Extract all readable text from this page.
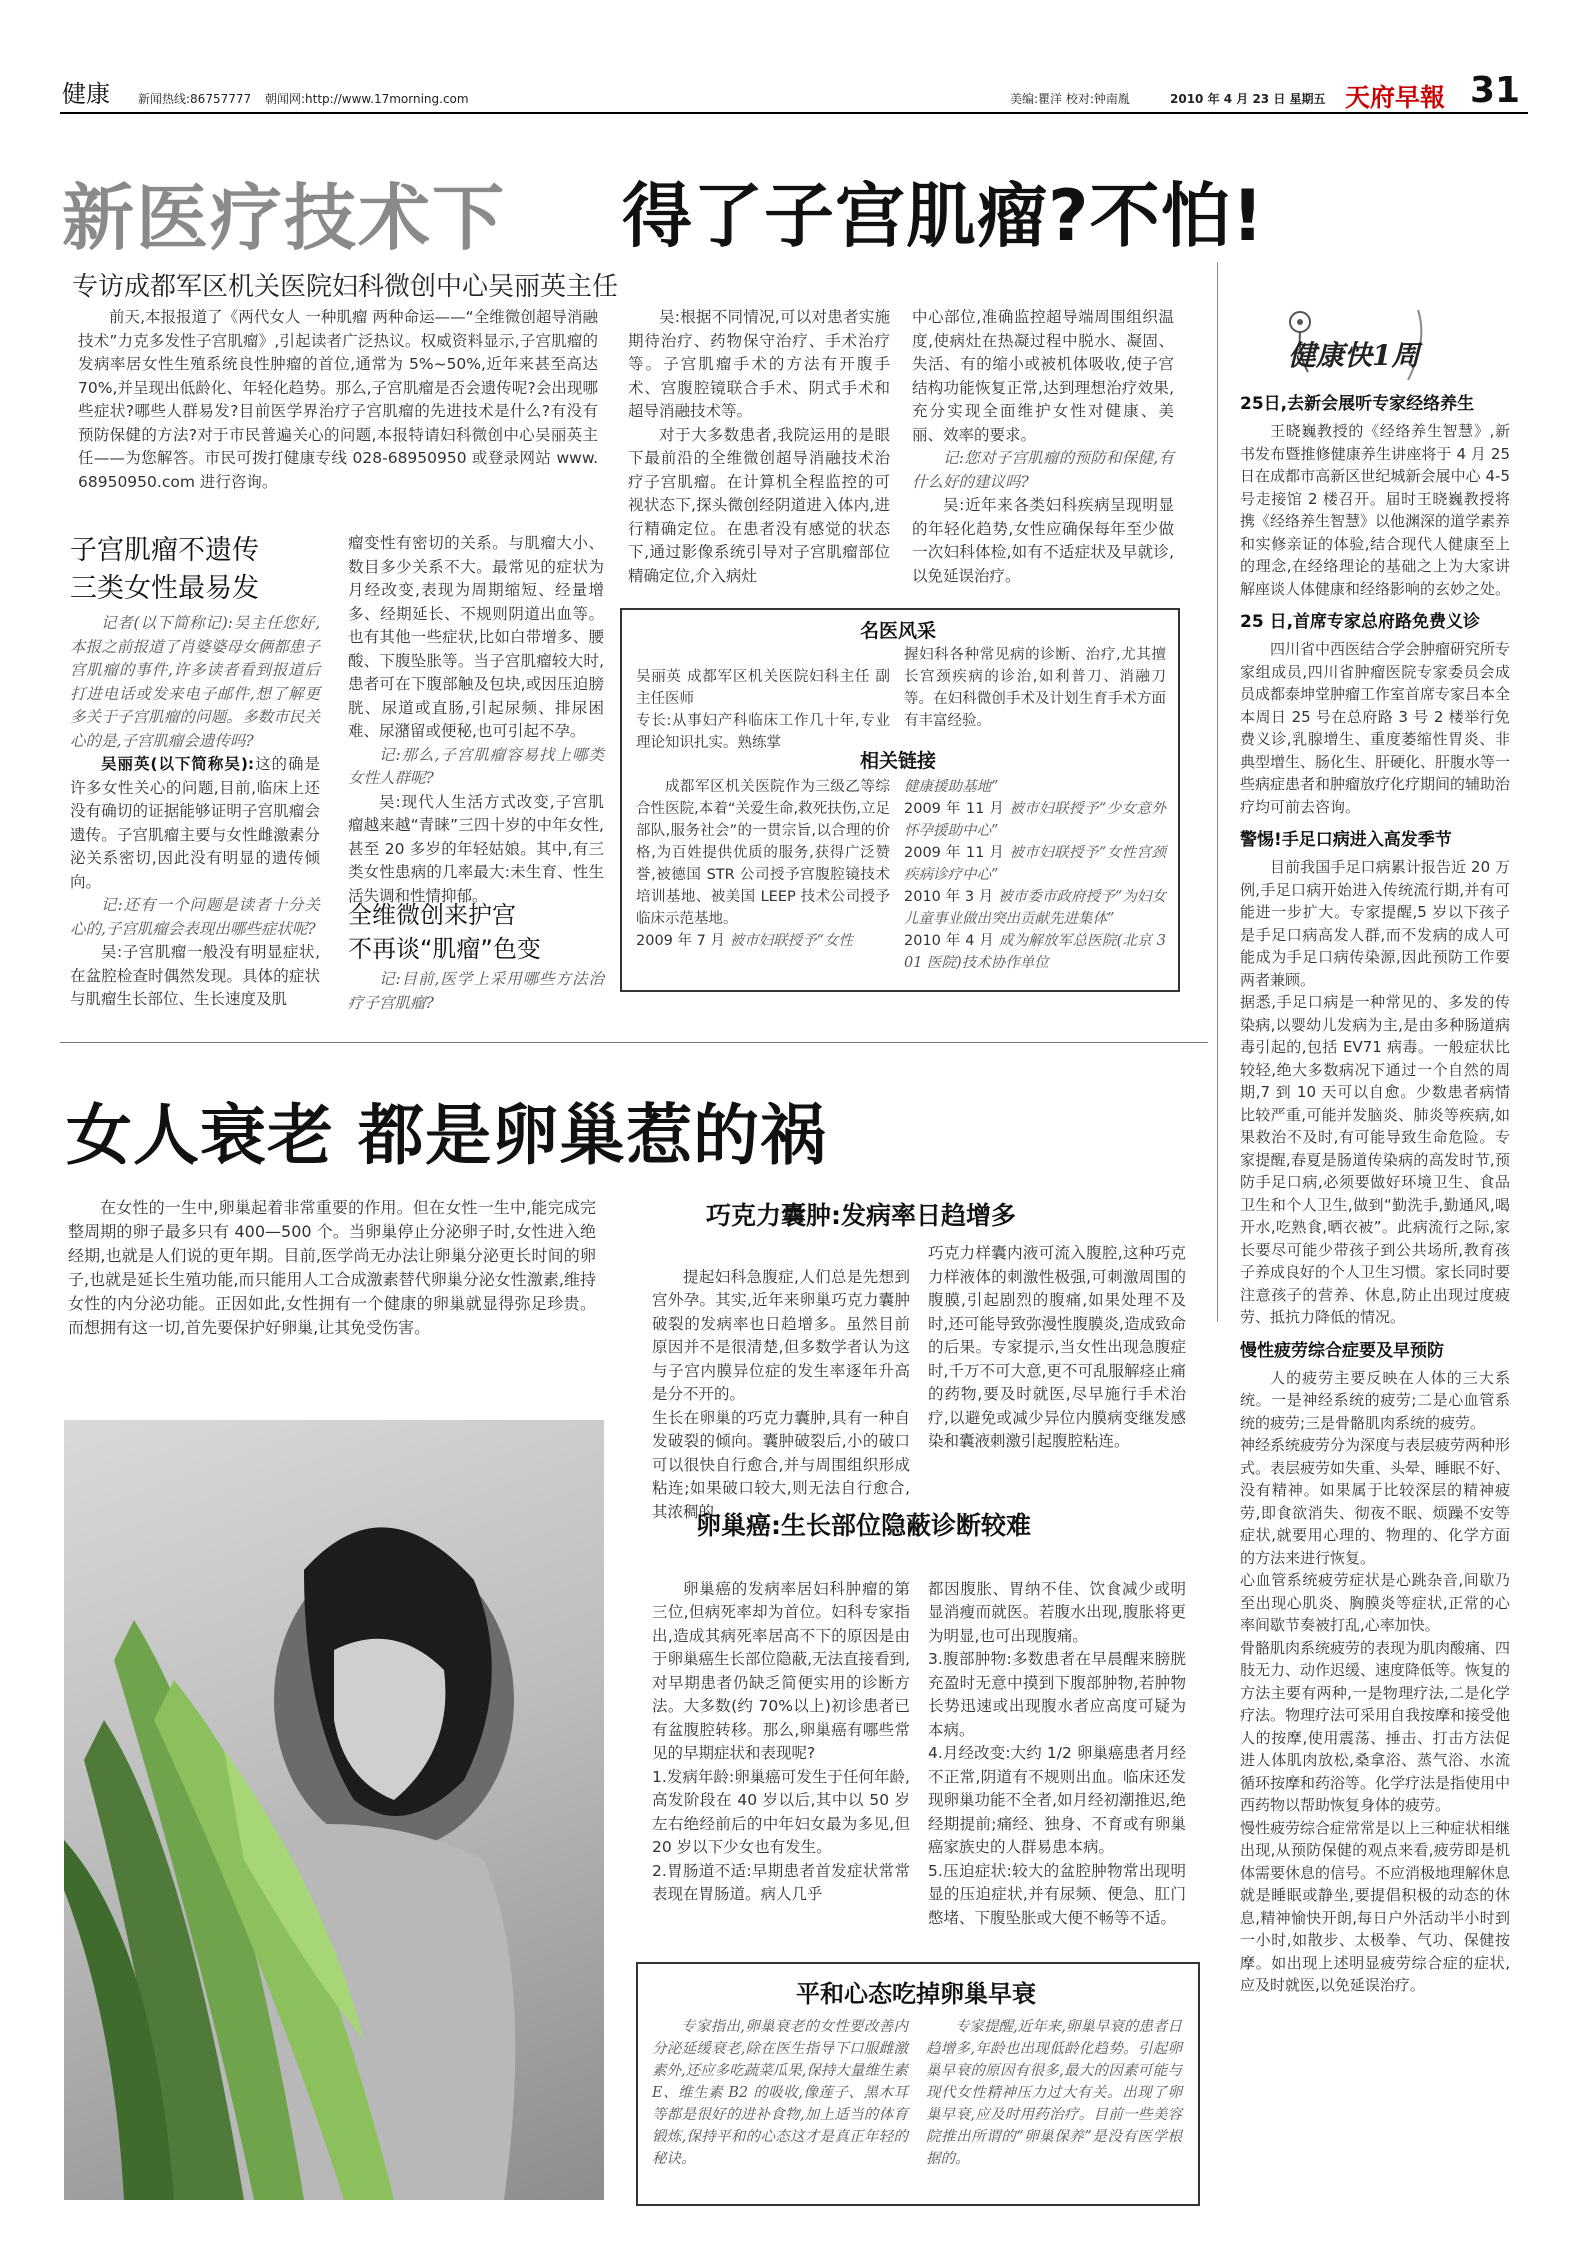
健康 新闻热线:86757777 朝闻网:http://www.17morning.com	美编:瞿洋 校对:钟南胤	2010 年 4 月 23 日 星期五 天府早報 31
新医疗技术下 得了子宫肌瘤?不怕!
专访成都军区机关医院妇科微创中心吴丽英主任

前天,本报报道了《两代女人 一种肌瘤 两种命运——“全维微创超导消融技术”力克多发性子宫肌瘤》,引起读者广泛热议。权威资料显示,子宫肌瘤的发病率居女性生殖系统良性肿瘤的首位,通常为 5%~50%,近年来甚至高达 70%,并呈现出低龄化、年轻化趋势。那么,子宫肌瘤是否会遗传呢?会出现哪些症状?哪些人群易发?目前医学界治疗子宫肌瘤的先进技术是什么?有没有预防保健的方法?对于市民普遍关心的问题,本报特请妇科微创中心吴丽英主任——为您解答。市民可拨打健康专线 028-68950950 或登录网站 www.68950950.com 进行咨询。

子宫肌瘤不遗传
三类女性最易发

记者(以下简称记):吴主任您好,本报之前报道了肖婆婆母女俩都患子宫肌瘤的事件,许多读者看到报道后打进电话或发来电子邮件,想了解更多关于子宫肌瘤的问题。多数市民关心的是,子宫肌瘤会遗传吗?

吴丽英(以下简称吴):这的确是许多女性关心的问题,目前,临床上还没有确切的证据能够证明子宫肌瘤会遗传。子宫肌瘤主要与女性雌激素分泌关系密切,因此没有明显的遗传倾向。

记:还有一个问题是读者十分关心的,子宫肌瘤会表现出哪些症状呢?

吴:子宫肌瘤一般没有明显症状,在盆腔检查时偶然发现。具体的症状与肌瘤生长部位、生长速度及肌

瘤变性有密切的关系。与肌瘤大小、数目多少关系不大。最常见的症状为月经改变,表现为周期缩短、经量增多、经期延长、不规则阴道出血等。也有其他一些症状,比如白带增多、腰酸、下腹坠胀等。当子宫肌瘤较大时,患者可在下腹部触及包块,或因压迫膀胱、尿道或直肠,引起尿频、排尿困难、尿潴留或便秘,也可引起不孕。

记:那么,子宫肌瘤容易找上哪类女性人群呢?

吴:现代人生活方式改变,子宫肌瘤越来越“青睐”三四十岁的中年女性,甚至 20 多岁的年轻姑娘。其中,有三类女性患病的几率最大:未生育、性生活失调和性情抑郁。

全维微创来护宫
不再谈“肌瘤”色变

记:目前,医学上采用哪些方法治疗子宫肌瘤?

吴:根据不同情况,可以对患者实施期待治疗、药物保守治疗、手术治疗等。子宫肌瘤手术的方法有开腹手术、宫腹腔镜联合手术、阴式手术和超导消融技术等。

对于大多数患者,我院运用的是眼下最前沿的全维微创超导消融技术治疗子宫肌瘤。在计算机全程监控的可视状态下,探头微创经阴道进入体内,进行精确定位。在患者没有感觉的状态下,通过影像系统引导对子宫肌瘤部位精确定位,介入病灶

中心部位,准确监控超导端周围组织温度,使病灶在热凝过程中脱水、凝固、失活、有的缩小或被机体吸收,使子宫结构功能恢复正常,达到理想治疗效果,充分实现全面维护女性对健康、美丽、效率的要求。

记:您对子宫肌瘤的预防和保健,有什么好的建议吗?

吴:近年来各类妇科疾病呈现明显的年轻化趋势,女性应确保每年至少做一次妇科体检,如有不适症状及早就诊,以免延误治疗。

名医风采

吴丽英 成都军区机关医院妇科主任 副主任医师
专长:从事妇产科临床工作几十年,专业理论知识扎实。熟练掌

握妇科各种常见病的诊断、治疗,尤其擅长宫颈疾病的诊治,如利普刀、消融刀等。在妇科微创手术及计划生育手术方面有丰富经验。

相关链接

成都军区机关医院作为三级乙等综合性医院,本着“关爱生命,救死扶伤,立足部队,服务社会”的一贯宗旨,以合理的价格,为百姓提供优质的服务,获得广泛赞誉,被德国 STR 公司授予宫腹腔镜技术培训基地、被美国 LEEP 技术公司授予临床示范基地。

2009 年 7 月 被市妇联授予“女性

健康援助基地”

2009 年 11 月 被市妇联授予“少女意外怀孕援助中心”

2009 年 11 月 被市妇联授予“女性宫颈疾病诊疗中心”

2010 年 3 月 被市委市政府授予“为妇女儿童事业做出突出贡献先进集体”

2010 年 4 月 成为解放军总医院(北京 301 医院)技术协作单位

女人衰老 都是卵巢惹的祸

在女性的一生中,卵巢起着非常重要的作用。但在女性一生中,能完成完整周期的卵子最多只有 400—500 个。当卵巢停止分泌卵子时,女性进入绝经期,也就是人们说的更年期。目前,医学尚无办法让卵巢分泌更长时间的卵子,也就是延长生殖功能,而只能用人工合成激素替代卵巢分泌女性激素,维持女性的内分泌功能。正因如此,女性拥有一个健康的卵巢就显得弥足珍贵。而想拥有这一切,首先要保护好卵巢,让其免受伤害。

巧克力囊肿:发病率日趋增多

提起妇科急腹症,人们总是先想到宫外孕。其实,近年来卵巢巧克力囊肿破裂的发病率也日趋增多。虽然目前原因并不是很清楚,但多数学者认为这与子宫内膜异位症的发生率逐年升高是分不开的。
生长在卵巢的巧克力囊肿,具有一种自发破裂的倾向。囊肿破裂后,小的破口可以很快自行愈合,并与周围组织形成粘连;如果破口较大,则无法自行愈合,其浓稠的

巧克力样囊内液可流入腹腔,这种巧克力样液体的刺激性极强,可刺激周围的腹膜,引起剧烈的腹痛,如果处理不及时,还可能导致弥漫性腹膜炎,造成致命的后果。专家提示,当女性出现急腹症时,千万不可大意,更不可乱服解痉止痛的药物,要及时就医,尽早施行手术治疗,以避免或减少异位内膜病变继发感染和囊液刺激引起腹腔粘连。

卵巢癌:生长部位隐蔽诊断较难

卵巢癌的发病率居妇科肿瘤的第三位,但病死率却为首位。妇科专家指出,造成其病死率居高不下的原因是由于卵巢癌生长部位隐蔽,无法直接看到,对早期患者仍缺乏简便实用的诊断方法。大多数(约 70%以上)初诊患者已有盆腹腔转移。那么,卵巢癌有哪些常见的早期症状和表现呢?
1.发病年龄:卵巢癌可发生于任何年龄,高发阶段在 40 岁以后,其中以 50 岁左右绝经前后的中年妇女最为多见,但 20 岁以下少女也有发生。
2.胃肠道不适:早期患者首发症状常常表现在胃肠道。病人几乎

都因腹胀、胃纳不佳、饮食减少或明显消瘦而就医。若腹水出现,腹胀将更为明显,也可出现腹痛。
3.腹部肿物:多数患者在早晨醒来膀胱充盈时无意中摸到下腹部肿物,若肿物长势迅速或出现腹水者应高度可疑为本病。
4.月经改变:大约 1/2 卵巢癌患者月经不正常,阴道有不规则出血。临床还发现卵巢功能不全者,如月经初潮推迟,绝经期提前;痛经、独身、不育或有卵巢癌家族史的人群易患本病。
5.压迫症状:较大的盆腔肿物常出现明显的压迫症状,并有尿频、便急、肛门憋堵、下腹坠胀或大便不畅等不适。

平和心态吃掉卵巢早衰

专家指出,卵巢衰老的女性要改善内分泌延缓衰老,除在医生指导下口服雌激素外,还应多吃蔬菜瓜果,保持大量维生素 E、维生素 B2 的吸收,像莲子、黑木耳等都是很好的进补食物,加上适当的体育锻炼,保持平和的心态这才是真正年轻的秘诀。

专家提醒,近年来,卵巢早衰的患者日趋增多,年龄也出现低龄化趋势。引起卵巢早衰的原因有很多,最大的因素可能与现代女性精神压力过大有关。出现了卵巢早衰,应及时用药治疗。目前一些美容院推出所谓的“卵巢保养”是没有医学根据的。

健康快1周
25日,去新会展听专家经络养生

王晓巍教授的《经络养生智慧》,新书发布暨推修健康养生讲座将于 4 月 25 日在成都市高新区世纪城新会展中心 4-5 号走接馆 2 楼召开。届时王晓巍教授将携《经络养生智慧》以他渊深的道学素养和实修亲证的体验,结合现代人健康至上的理念,在经络理论的基础之上为大家讲解座谈人体健康和经络影响的玄妙之处。

25 日,首席专家总府路免费义诊

四川省中西医结合学会肿瘤研究所专家组成员,四川省肿瘤医院专家委员会成员成都泰坤堂肿瘤工作室首席专家吕本全本周日 25 号在总府路 3 号 2 楼举行免费义诊,乳腺增生、重度萎缩性胃炎、非典型增生、肠化生、肝硬化、肝腹水等一些病症患者和肿瘤放疗化疗期间的辅助治疗均可前去咨询。

警惕!手足口病进入高发季节

目前我国手足口病累计报告近 20 万例,手足口病开始进入传统流行期,并有可能进一步扩大。专家提醒,5 岁以下孩子是手足口病高发人群,而不发病的成人可能成为手足口病传染源,因此预防工作要两者兼顾。
据悉,手足口病是一种常见的、多发的传染病,以婴幼儿发病为主,是由多种肠道病毒引起的,包括 EV71 病毒。一般症状比较轻,绝大多数病况下通过一个自然的周期,7 到 10 天可以自愈。少数患者病情比较严重,可能并发脑炎、肺炎等疾病,如果救治不及时,有可能导致生命危险。专家提醒,春夏是肠道传染病的高发时节,预防手足口病,必须要做好环境卫生、食品卫生和个人卫生,做到“勤洗手,勤通风,喝开水,吃熟食,晒衣被”。此病流行之际,家长要尽可能少带孩子到公共场所,教育孩子养成良好的个人卫生习惯。家长同时要注意孩子的营养、休息,防止出现过度疲劳、抵抗力降低的情况。

慢性疲劳综合症要及早预防

人的疲劳主要反映在人体的三大系统。一是神经系统的疲劳;二是心血管系统的疲劳;三是骨骼肌肉系统的疲劳。
神经系统疲劳分为深度与表层疲劳两种形式。表层疲劳如失重、头晕、睡眠不好、没有精神。如果属于比较深层的精神疲劳,即食欲消失、彻夜不眠、烦躁不安等症状,就要用心理的、物理的、化学方面的方法来进行恢复。
心血管系统疲劳症状是心跳杂音,间歇乃至出现心肌炎、胸膜炎等症状,正常的心率间歇节奏被打乱,心率加快。
骨骼肌肉系统疲劳的表现为肌肉酸痛、四肢无力、动作迟缓、速度降低等。恢复的方法主要有两种,一是物理疗法,二是化学疗法。物理疗法可采用自我按摩和接受他人的按摩,使用震荡、捶击、打击方法促进人体肌肉放松,桑拿浴、蒸气浴、水流循环按摩和药浴等。化学疗法是指使用中西药物以帮助恢复身体的疲劳。
慢性疲劳综合症常常是以上三种症状相继出现,从预防保健的观点来看,疲劳即是机体需要休息的信号。不应消极地理解休息就是睡眠或静坐,要提倡积极的动态的休息,精神愉快开朗,每日户外活动半小时到一小时,如散步、太极拳、气功、保健按摩。如出现上述明显疲劳综合症的症状,应及时就医,以免延误治疗。
